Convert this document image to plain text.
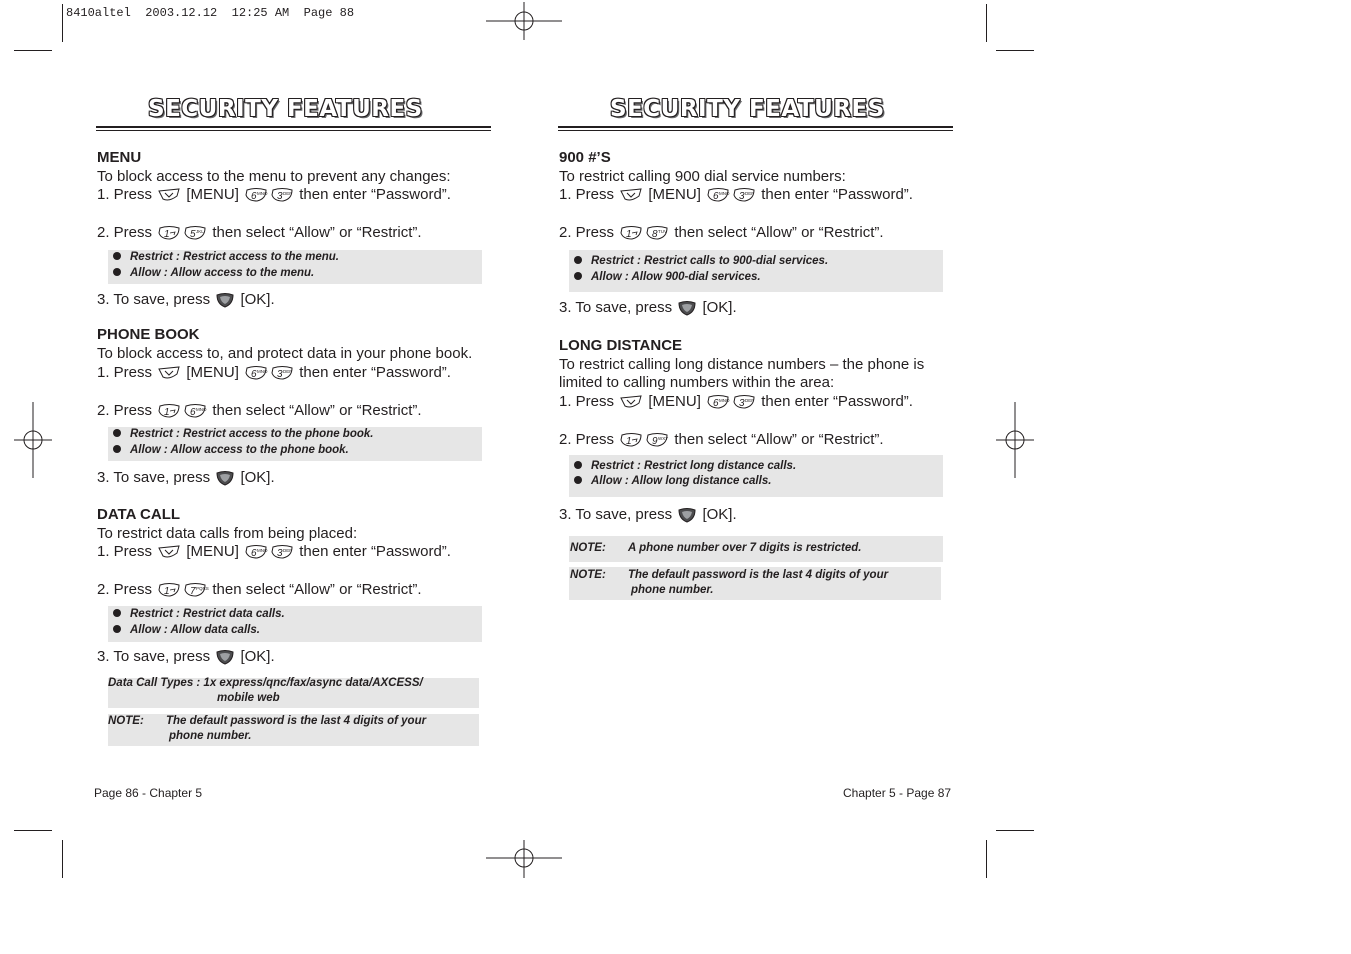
8410altel  2003.12.12  12:25 AM  Page 88
SECURITY FEATURES
MENU
To block access to the menu to prevent any changes:
1. Press [MENU] 6 MNO 3 DEF then enter “Password”.
2. Press 1 5 JKL then select “Allow” or “Restrict”.
Restrict : Restrict access to the menu.
Allow : Allow access to the menu.
3. To save, press [OK].
PHONE BOOK
To block access to, and protect data in your phone book.
1. Press [MENU] 6 MNO 3 DEF then enter “Password”.
2. Press 1 6 MNO then select “Allow” or “Restrict”.
Restrict : Restrict access to the phone book.
Allow : Allow access to the phone book.
3. To save, press [OK].
DATA CALL
To restrict data calls from being placed:
1. Press [MENU] 6 MNO 3 DEF then enter “Password”.
2. Press 1 7 PQRS then select “Allow” or “Restrict”.
Restrict : Restrict data calls.
Allow : Allow data calls.
3. To save, press [OK].
Data Call Types : 1x express/qnc/fax/async data/AXCESS/
mobile web
NOTE: The default password is the last 4 digits of your
phone number.
Page 86 - Chapter 5
SECURITY FEATURES
900 #’S
To restrict calling 900 dial service numbers:
1. Press [MENU] 6 MNO 3 DEF then enter “Password”.
2. Press 1 8 TUV then select “Allow” or “Restrict”.
Restrict : Restrict calls to 900-dial services.
Allow : Allow 900-dial services.
3. To save, press [OK].
LONG DISTANCE
To restrict calling long distance numbers – the phone is
limited to calling numbers within the area:
1. Press [MENU] 6 MNO 3 DEF then enter “Password”.
2. Press 1 9 WXY then select “Allow” or “Restrict”.
Restrict : Restrict long distance calls.
Allow : Allow long distance calls.
3. To save, press [OK].
NOTE: A phone number over 7 digits is restricted.
NOTE: The default password is the last 4 digits of your
phone number.
Chapter 5 - Page 87
